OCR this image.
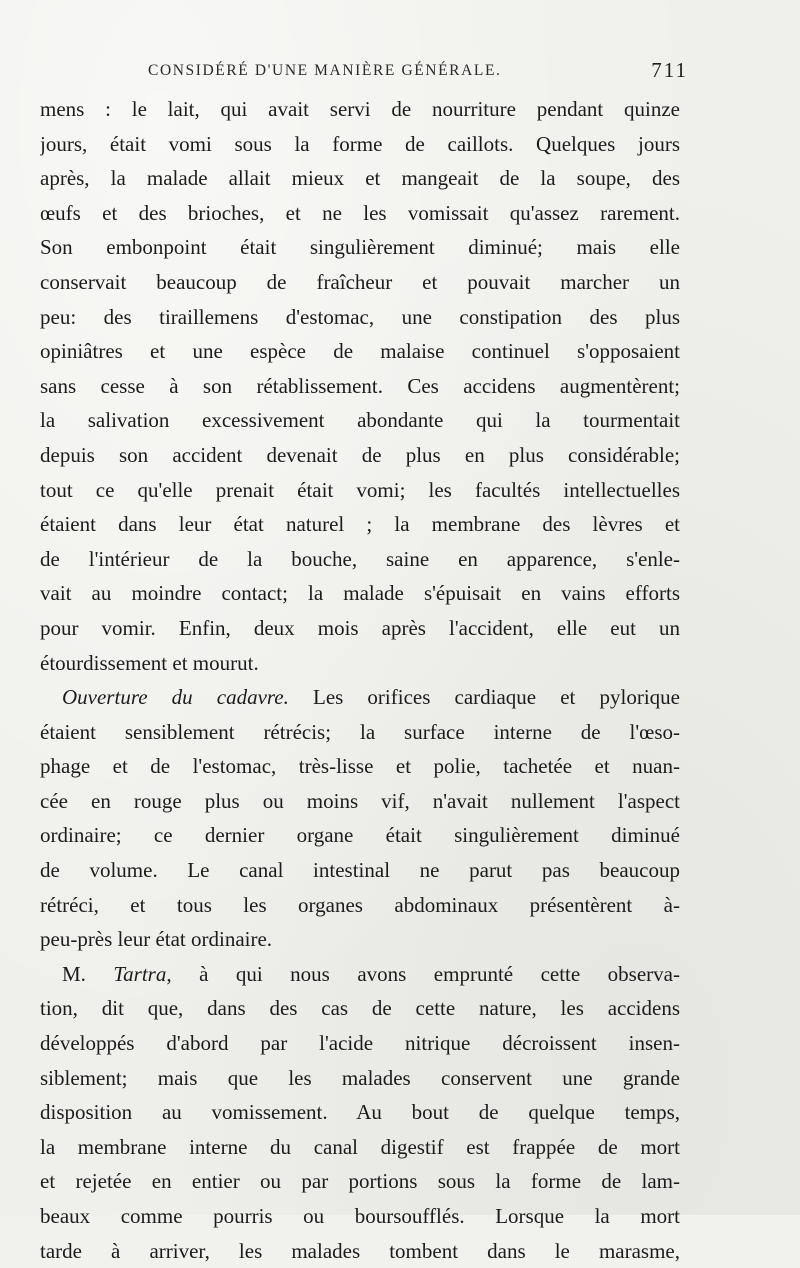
CONSIDÉRÉ D'UNE MANIÈRE GÉNÉRALE.	711
mens : le lait, qui avait servi de nourriture pendant quinze
jours, était vomi sous la forme de caillots. Quelques jours
après, la malade allait mieux et mangeait de la soupe, des
œufs et des brioches, et ne les vomissait qu'assez rarement.
Son embonpoint était singulièrement diminué; mais elle
conservait beaucoup de fraîcheur et pouvait marcher un
peu: des tiraillemens d'estomac, une constipation des plus
opiniâtres et une espèce de malaise continuel s'opposaient
sans cesse à son rétablissement. Ces accidens augmentèrent;
la salivation excessivement abondante qui la tourmentait
depuis son accident devenait de plus en plus considérable;
tout ce qu'elle prenait était vomi; les facultés intellectuelles
étaient dans leur état naturel ; la membrane des lèvres et
de l'intérieur de la bouche, saine en apparence, s'enle-
vait au moindre contact; la malade s'épuisait en vains efforts
pour vomir. Enfin, deux mois après l'accident, elle eut un
étourdissement et mourut.
Ouverture du cadavre. Les orifices cardiaque et pylorique
étaient sensiblement rétrécis; la surface interne de l'œso-
phage et de l'estomac, très-lisse et polie, tachetée et nuan-
cée en rouge plus ou moins vif, n'avait nullement l'aspect
ordinaire; ce dernier organe était singulièrement diminué
de volume. Le canal intestinal ne parut pas beaucoup
rétréci, et tous les organes abdominaux présentèrent à-
peu-près leur état ordinaire.
M. Tartra, à qui nous avons emprunté cette observa-
tion, dit que, dans des cas de cette nature, les accidens
développés d'abord par l'acide nitrique décroissent insen-
siblement; mais que les malades conservent une grande
disposition au vomissement. Au bout de quelque temps,
la membrane interne du canal digestif est frappée de mort
et rejetée en entier ou par portions sous la forme de lam-
beaux comme pourris ou boursoufflés. Lorsque la mort
tarde à arriver, les malades tombent dans le marasme,
